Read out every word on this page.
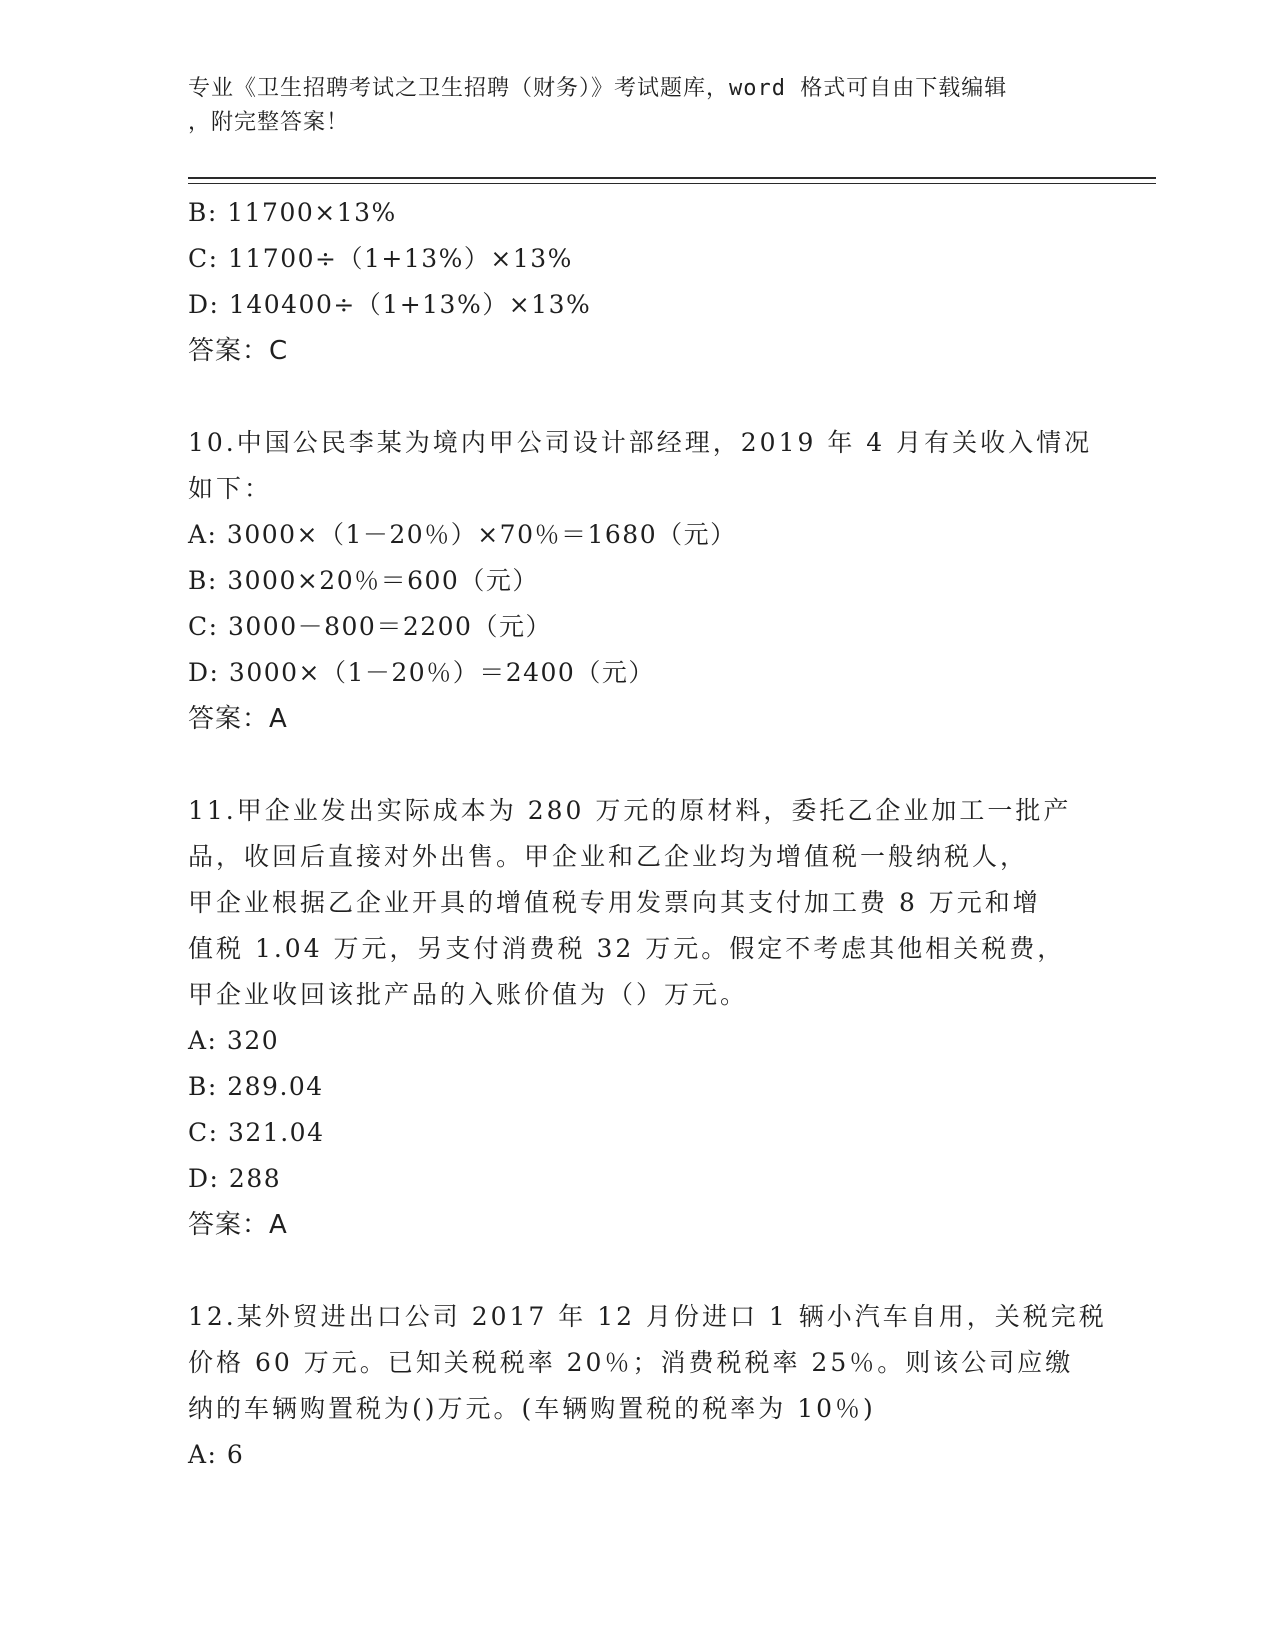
专业《卫生招聘考试之卫生招聘（财务）》考试题库，word 格式可自由下载编辑
，附完整答案！
B: 11700×13%
C: 11700÷（1+13%）×13%
D: 140400÷（1+13%）×13%
答案：C
10.中国公民李某为境内甲公司设计部经理，2019 年 4 月有关收入情况
如下：
A: 3000×（1－20％）×70％＝1680（元）
B: 3000×20％＝600（元）
C: 3000－800＝2200（元）
D: 3000×（1－20％）＝2400（元）
答案：A
11.甲企业发出实际成本为 280 万元的原材料，委托乙企业加工一批产
品，收回后直接对外出售。甲企业和乙企业均为增值税一般纳税人，
甲企业根据乙企业开具的增值税专用发票向其支付加工费 8 万元和增
值税 1.04 万元，另支付消费税 32 万元。假定不考虑其他相关税费，
甲企业收回该批产品的入账价值为（）万元。
A: 320
B: 289.04
C: 321.04
D: 288
答案：A
12.某外贸进出口公司 2017 年 12 月份进口 1 辆小汽车自用，关税完税
价格 60 万元。已知关税税率 20％；消费税税率 25％。则该公司应缴
纳的车辆购置税为()万元。(车辆购置税的税率为 10％)
A: 6
